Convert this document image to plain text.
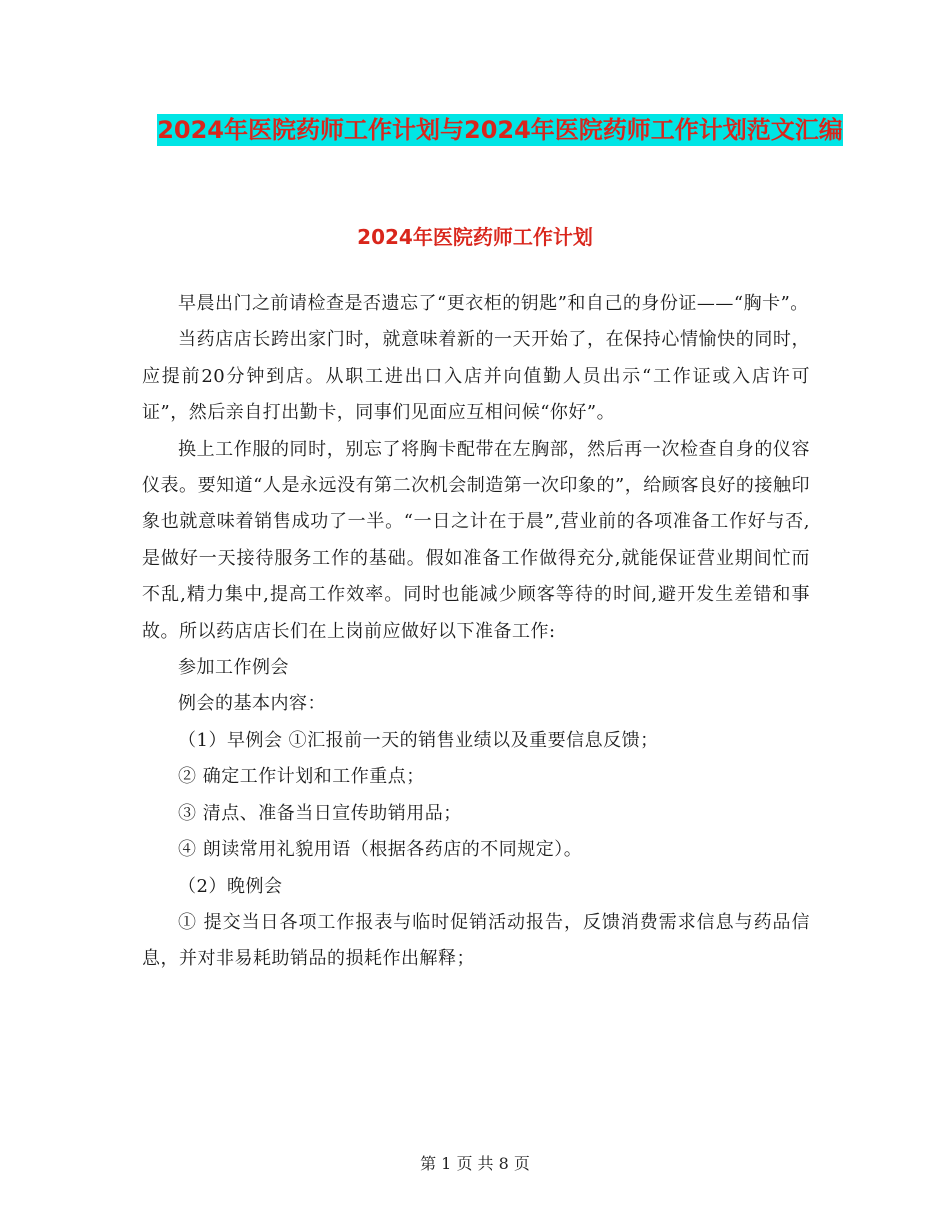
2024年医院药师工作计划与2024年医院药师工作计划范文汇编
2024年医院药师工作计划

早晨出门之前请检查是否遗忘了“更衣柜的钥匙”和自己的身份证——“胸卡”。

当药店店长跨出家门时，就意味着新的一天开始了，在保持心情愉快的同时，应提前20分钟到店。从职工进出口入店并向值勤人员出示“工作证或入店许可证”，然后亲自打出勤卡，同事们见面应互相问候“你好”。

换上工作服的同时，别忘了将胸卡配带在左胸部，然后再一次检查自身的仪容仪表。要知道“人是永远没有第二次机会制造第一次印象的”，给顾客良好的接触印象也就意味着销售成功了一半。“一日之计在于晨”,营业前的各项准备工作好与否,是做好一天接待服务工作的基础。假如准备工作做得充分,就能保证营业期间忙而不乱,精力集中,提高工作效率。同时也能减少顾客等待的时间,避开发生差错和事故。所以药店店长们在上岗前应做好以下准备工作:

参加工作例会

例会的基本内容：

（1）早例会 ①汇报前一天的销售业绩以及重要信息反馈；

② 确定工作计划和工作重点；

③ 清点、准备当日宣传助销用品；

④ 朗读常用礼貌用语（根据各药店的不同规定）。

（2）晚例会

① 提交当日各项工作报表与临时促销活动报告，反馈消费需求信息与药品信息，并对非易耗助销品的损耗作出解释；

第 1 页 共 8 页
